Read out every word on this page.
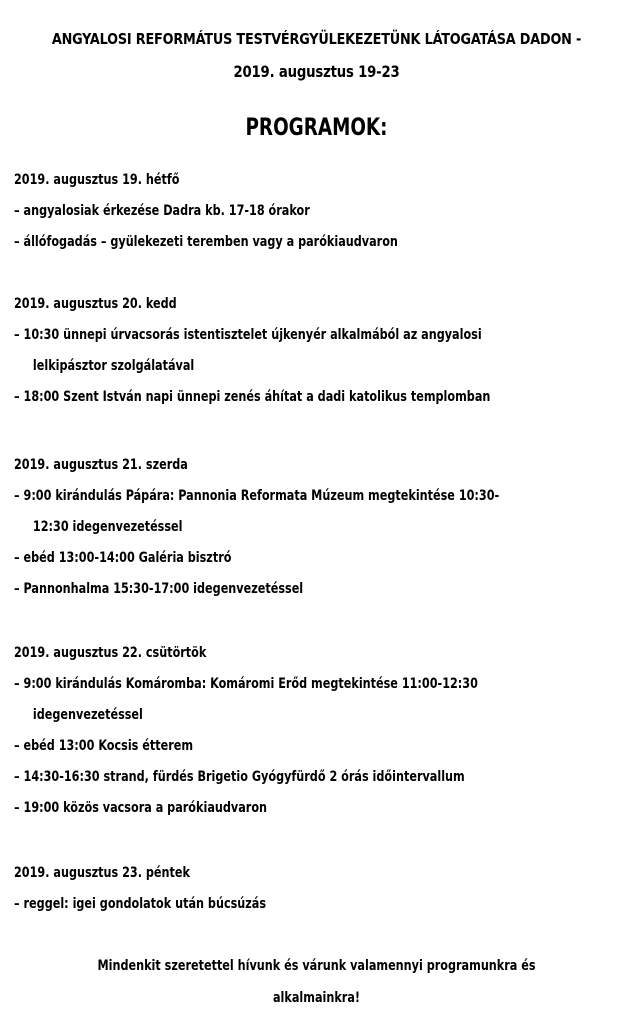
ANGYALOSI REFORMÁTUS TESTVÉRGYÜLEKEZETÜNK LÁTOGATÁSA DADON -
2019. augusztus 19-23
PROGRAMOK:
2019. augusztus 19. hétfő
– angyalosiak érkezése Dadra kb. 17-18 órakor
– állófogadás – gyülekezeti teremben vagy a parókiaudvaron
2019. augusztus 20. kedd
– 10:30 ünnepi úrvacsorás istentisztelet újkenyér alkalmából az angyalosi
lelkipásztor szolgálatával
– 18:00 Szent István napi ünnepi zenés áhítat a dadi katolikus templomban
2019. augusztus 21. szerda
– 9:00 kirándulás Pápára: Pannonia Reformata Múzeum megtekintése 10:30-
12:30 idegenvezetéssel
– ebéd 13:00-14:00 Galéria bisztró
– Pannonhalma 15:30-17:00 idegenvezetéssel
2019. augusztus 22. csütörtök
– 9:00 kirándulás Komáromba: Komáromi Erőd megtekintése 11:00-12:30
idegenvezetéssel
– ebéd 13:00 Kocsis étterem
– 14:30-16:30 strand, fürdés Brigetio Gyógyfürdő 2 órás időintervallum
– 19:00 közös vacsora a parókiaudvaron
2019. augusztus 23. péntek
– reggel: igei gondolatok után búcsúzás
Mindenkit szeretettel hívunk és várunk valamennyi programunkra és
alkalmainkra!
